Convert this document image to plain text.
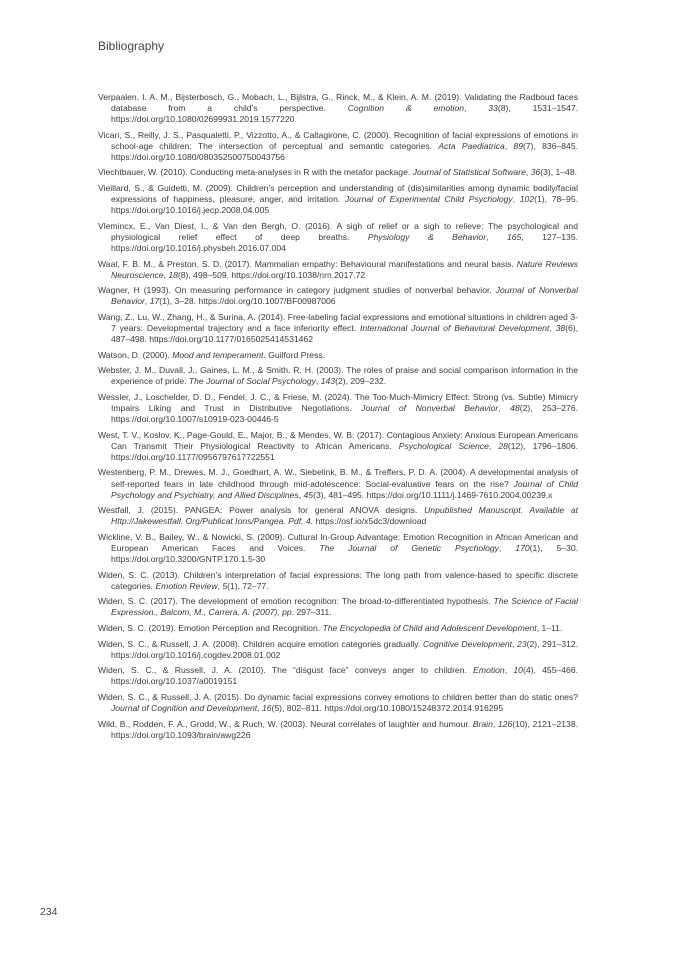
Bibliography

Verpaalen, I. A. M., Bijsterbosch, G., Mobach, L., Bijlstra, G., Rinck, M., & Klein, A. M. (2019). Validating the Radboud faces database from a child’s perspective. Cognition & emotion, 33(8), 1531–1547. https://doi.org/10.1080/02699931.2019.1577220

Vicari, S., Reilly, J. S., Pasqualetti, P., Vizzotto, A., & Caltagirone, C. (2000). Recognition of facial expressions of emotions in school-age children: The intersection of perceptual and semantic categories. Acta Paediatrica, 89(7), 836–845. https://doi.org/10.1080/080352500750043756

Viechtbauer, W. (2010). Conducting meta-analyses in R with the metafor package. Journal of Statistical Software, 36(3), 1–48.

Vieillard, S., & Guidetti, M. (2009). Children’s perception and understanding of (dis)similarities among dynamic bodily/facial expressions of happiness, pleasure, anger, and irritation. Journal of Experimental Child Psychology, 102(1), 78–95. https://doi.org/10.1016/j.jecp.2008.04.005

Vlemincx, E., Van Diest, I., & Van den Bergh, O. (2016). A sigh of relief or a sigh to relieve: The psychological and physiological relief effect of deep breaths. Physiology & Behavior, 165, 127–135. https://doi.org/10.1016/j.physbeh.2016.07.004

Waal, F. B. M., & Preston, S. D. (2017). Mammalian empathy: Behavioural manifestations and neural basis. Nature Reviews Neuroscience, 18(8), 498–509. https://doi.org/10.1038/nrn.2017.72

Wagner, H (1993). On measuring performance in category judgment studies of nonverbal behavior. Journal of Nonverbal Behavior, 17(1), 3–28. https://doi.org/10.1007/BF00987006

Wang, Z., Lu, W., Zhang, H., & Surina, A. (2014). Free-labeling facial expressions and emotional situations in children aged 3-7 years: Developmental trajectory and a face inferiority effect. International Journal of Behavioral Development, 38(6), 487–498. https://doi.org/10.1177/0165025414531462

Watson, D. (2000). Mood and temperament. Guilford Press.

Webster, J. M., Duvall, J., Gaines, L. M., & Smith, R. H. (2003). The roles of praise and social comparison information in the experience of pride. The Journal of Social Psychology, 143(2), 209–232.

Wessler, J., Loschelder, D. D., Fendel, J. C., & Friese, M. (2024). The Too-Much-Mimicry Effect: Strong (vs. Subtle) Mimicry Impairs Liking and Trust in Distributive Negotiations. Journal of Nonverbal Behavior, 48(2), 253–276. https://doi.org/10.1007/s10919-023-00446-5

West, T. V., Koslov, K., Page-Gould, E., Major, B., & Mendes, W. B. (2017). Contagious Anxiety: Anxious European Americans Can Transmit Their Physiological Reactivity to African Americans. Psychological Science, 28(12), 1796–1806. https://doi.org/10.1177/0956797617722551

Westenberg, P. M., Drewes, M. J., Goedhart, A. W., Siebelink, B. M., & Treffers, P. D. A. (2004). A developmental analysis of self-reported fears in late childhood through mid-adolescence: Social-evaluative fears on the rise? Journal of Child Psychology and Psychiatry, and Allied Disciplines, 45(3), 481–495. https://doi.org/10.1111/j.1469-7610.2004.00239.x

Westfall, J. (2015). PANGEA: Power analysis for general ANOVA designs. Unpublished Manuscript. Available at Http://Jakewestfall. Org/Publicat Ions/Pangea. Pdf, 4. https://osf.io/x5dc3/download

Wickline, V. B., Bailey, W., & Nowicki, S. (2009). Cultural In-Group Advantage: Emotion Recognition in African American and European American Faces and Voices. The Journal of Genetic Psychology, 170(1), 5–30. https://doi.org/10.3200/GNTP.170.1.5-30

Widen, S. C. (2013). Children’s interpretation of facial expressions: The long path from valence-based to specific discrete categories. Emotion Review, 5(1), 72–77.

Widen, S. C. (2017). The development of emotion recognition: The broad-to-differentiated hypothesis. The Science of Facial Expression., Balcom, M., Carrera, A. (2007), pp. 297–311.

Widen, S. C. (2019). Emotion Perception and Recognition. The Encyclopedia of Child and Adolescent Development, 1–11.

Widen, S. C., & Russell, J. A. (2008). Children acquire emotion categories gradually. Cognitive Development, 23(2), 291–312. https://doi.org/10.1016/j.cogdev.2008.01.002

Widen, S. C., & Russell, J. A. (2010). The “disgust face” conveys anger to children. Emotion, 10(4), 455–466. https://doi.org/10.1037/a0019151

Widen, S. C., & Russell, J. A. (2015). Do dynamic facial expressions convey emotions to children better than do static ones? Journal of Cognition and Development, 16(5), 802–811. https://doi.org/10.1080/15248372.2014.916295

Wild, B., Rodden, F. A., Grodd, W., & Ruch, W. (2003). Neural correlates of laughter and humour. Brain, 126(10), 2121–2138. https://doi.org/10.1093/brain/awg226

234
